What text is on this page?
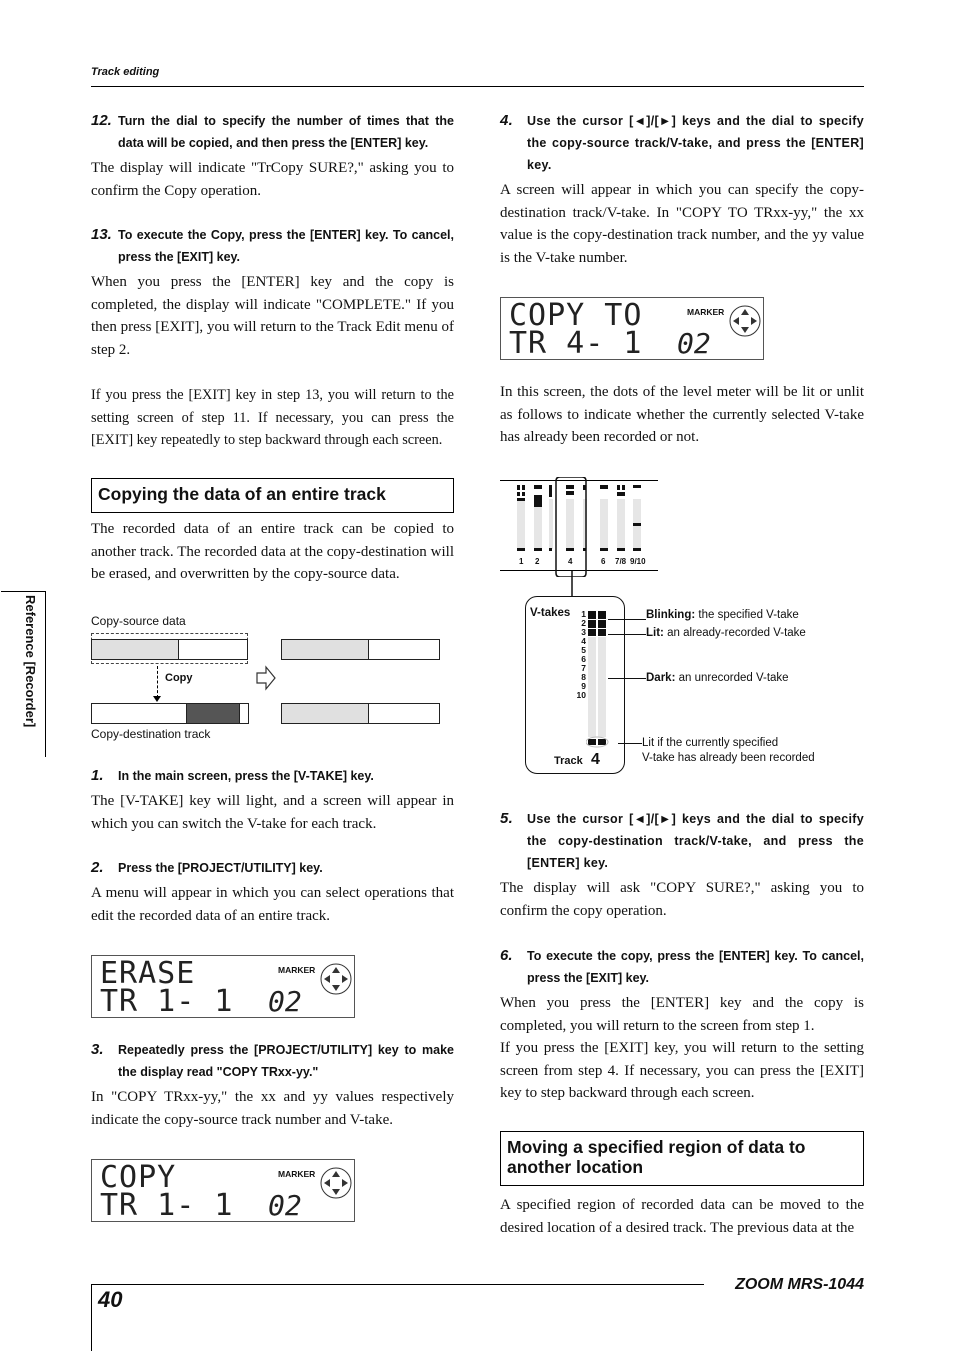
Track editing
Reference [Recorder]
12. Turn the dial to specify the number of times that the data will be copied, and then press the [ENTER] key.
The display will indicate "TrCopy SURE?," asking you to confirm the Copy operation.
13. To execute the Copy, press the [ENTER] key. To cancel, press the [EXIT] key.
When you press the [ENTER] key and the copy is completed, the display will indicate "COMPLETE." If you then press [EXIT], you will return to the Track Edit menu of step 2.
If you press the [EXIT] key in step 13, you will return to the setting screen of step 11. If necessary, you can press the [EXIT] key repeatedly to step backward through each screen.
Copying the data of an entire track
The recorded data of an entire track can be copied to another track. The recorded data at the copy-destination will be erased, and overwritten by the copy-source data.
Copy-source data
Copy
Copy-destination track
1.	In the main screen, press the [V-TAKE] key.
The [V-TAKE] key will light, and a screen will appear in which you can switch the V-take for each track.
2.	Press the [PROJECT/UTILITY] key.
A menu will appear in which you can select operations that edit the recorded data of an entire track.
ERASE
TR 1- 1 02
MARKER
3.	Repeatedly press the [PROJECT/UTILITY] key to make the display read "COPY TRxx-yy."
In "COPY TRxx-yy," the xx and yy values respectively indicate the copy-source track number and V-take.
COPY
TR 1- 1 02
MARKER
4.	Use the cursor [◄]/[►] keys and the dial to specify the copy-source track/V-take, and press the [ENTER] key.
A screen will appear in which you can specify the copy-destination track/V-take. In "COPY TO TRxx-yy," the xx value is the copy-destination track number, and the yy value is the V-take number.
COPY TO
TR 4- 1 02
MARKER
In this screen, the dots of the level meter will be lit or unlit as follows to indicate whether the currently selected V-take has already been recorded or not.
1 2	4	6 7/8 9/10
V-takes	1
2
3
4
5
6
7
8
9
10
Track 4
Blinking: the specified V-take
Lit: an already-recorded V-take
Dark: an unrecorded V-take
Lit if the currently specified
V-take has already been recorded
5.	Use the cursor [◄]/[►] keys and the dial to specify the copy-destination track/V-take, and press the [ENTER] key.
The display will ask "COPY SURE?," asking you to confirm the copy operation.
6.	To execute the copy, press the [ENTER] key. To cancel, press the [EXIT] key.
When you press the [ENTER] key and the copy is completed, you will return to the screen from step 1.
If you press the [EXIT] key, you will return to the setting screen from step 4. If necessary, you can press the [EXIT] key to step backward through each screen.
Moving a specified region of data to another location
A specified region of recorded data can be moved to the desired location of a desired track. The previous data at the
40
ZOOM MRS-1044
